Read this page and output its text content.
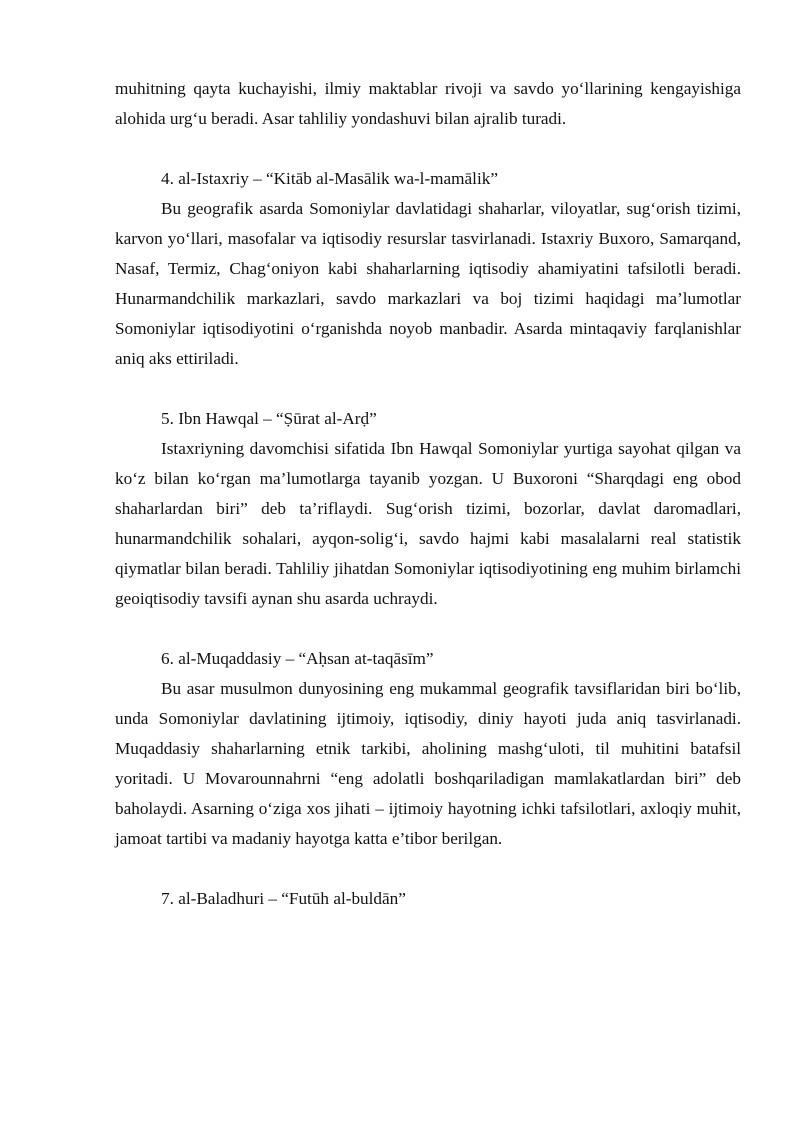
muhitning qayta kuchayishi, ilmiy maktablar rivoji va savdo yo‘llarining kengayishiga alohida urg‘u beradi. Asar tahliliy yondashuvi bilan ajralib turadi.

4. al-Istaxriy – “Kitāb al-Masālik wa-l-mamālik”

Bu geografik asarda Somoniylar davlatidagi shaharlar, viloyatlar, sug‘orish tizimi, karvon yo‘llari, masofalar va iqtisodiy resurslar tasvirlanadi. Istaxriy Buxoro, Samarqand, Nasaf, Termiz, Chag‘oniyon kabi shaharlarning iqtisodiy ahamiyatini tafsilotli beradi. Hunarmandchilik markazlari, savdo markazlari va boj tizimi haqidagi ma’lumotlar Somoniylar iqtisodiyotini o‘rganishda noyob manbadir. Asarda mintaqaviy farqlanishlar aniq aks ettiriladi.

5. Ibn Hawqal – “Ṣūrat al-Arḍ”

Istaxriyning davomchisi sifatida Ibn Hawqal Somoniylar yurtiga sayohat qilgan va ko‘z bilan ko‘rgan ma’lumotlarga tayanib yozgan. U Buxoroni “Sharqdagi eng obod shaharlardan biri” deb ta’riflaydi. Sug‘orish tizimi, bozorlar, davlat daromadlari, hunarmandchilik sohalari, ayqon-solig‘i, savdo hajmi kabi masalalarni real statistik qiymatlar bilan beradi. Tahliliy jihatdan Somoniylar iqtisodiyotining eng muhim birlamchi geoiqtisodiy tavsifi aynan shu asarda uchraydi.

6. al-Muqaddasiy – “Aḥsan at-taqāsīm”

Bu asar musulmon dunyosining eng mukammal geografik tavsiflaridan biri bo‘lib, unda Somoniylar davlatining ijtimoiy, iqtisodiy, diniy hayoti juda aniq tasvirlanadi. Muqaddasiy shaharlarning etnik tarkibi, aholining mashg‘uloti, til muhitini batafsil yoritadi. U Movarounnahrni “eng adolatli boshqariladigan mamlakatlardan biri” deb baholaydi. Asarning o‘ziga xos jihati – ijtimoiy hayotning ichki tafsilotlari, axloqiy muhit, jamoat tartibi va madaniy hayotga katta e’tibor berilgan.

7. al-Baladhuri – “Futūh al-buldān”
